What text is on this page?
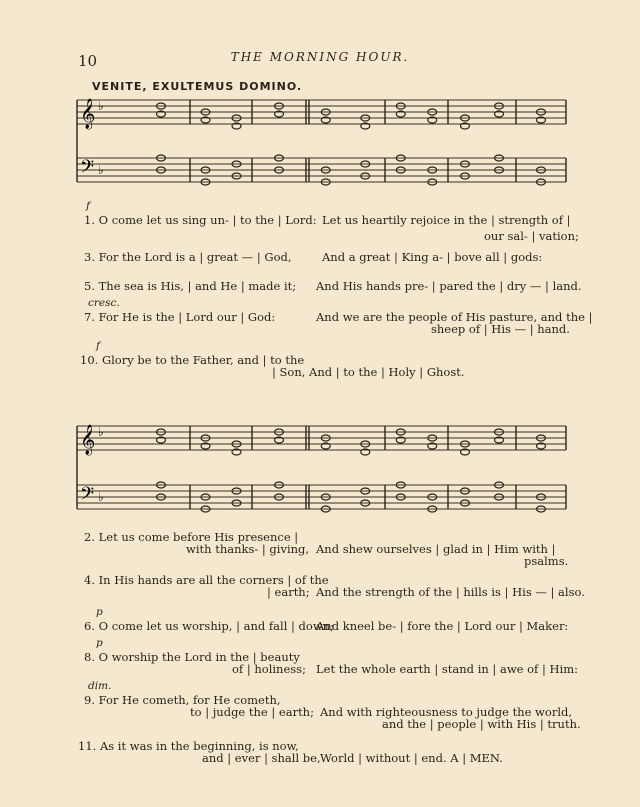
10	THE MORNING HOUR.
VENITE, EXULTEMUS DOMINO.
𝄞
𝄢
♭
♭
𝄞
𝄢
♭
♭
f
1. O come let us sing un- | to the | Lord: Let us heartily rejoice in the | strength of |
our sal- | vation;
3. For the Lord is a | great — | God,	And a great | King a- | bove all | gods:
5. The sea is His, | and He | made it; And His hands pre- | pared the | dry — | land.
cresc.
7. For He is the | Lord our | God:	And we are the people of His pasture, and the |
sheep of | His — | hand.
f
10. Glory be to the Father, and | to the
| Son, And | to the | Holy | Ghost.
2. Let us come before His presence |
with thanks- | giving, And shew ourselves | glad in | Him with |
psalms.
4. In His hands are all the corners | of the
| earth; And the strength of the | hills is | His — | also.
p
6. O come let us worship, | and fall | down;
And kneel be- | fore the | Lord our | Maker:
p
8. O worship the Lord in the | beauty
of | holiness; Let the whole earth | stand in | awe of | Him:
dim.
9. For He cometh, for He cometh,
to | judge the | earth; And with righteousness to judge the world,
and the | people | with His | truth.
11. As it was in the beginning, is now,
and | ever | shall be, World | without | end. A | MEN.
